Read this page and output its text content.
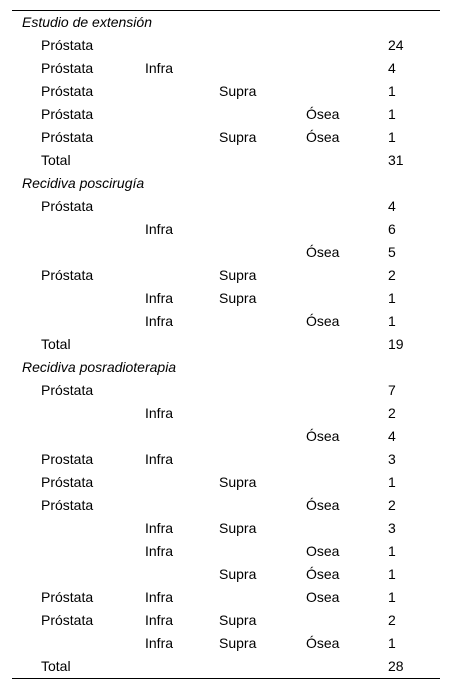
Estudio de extensión
Próstata	24
Próstata	Infra	4
Próstata	Supra	1
Próstata	Ósea	1
Próstata	Supra	Ósea	1
Total	31
Recidiva poscirugía
Próstata	4
Infra	6
Ósea	5
Próstata	Supra	2
Infra	Supra	1
Infra	Ósea	1
Total	19
Recidiva posradioterapia
Próstata	7
Infra	2
Ósea	4
Prostata	Infra	3
Próstata	Supra	1
Próstata	Ósea	2
Infra	Supra	3
Infra	Osea	1
Supra	Ósea	1
Próstata	Infra	Osea	1
Próstata	Infra	Supra	2
Infra	Supra	Ósea	1
Total	28
